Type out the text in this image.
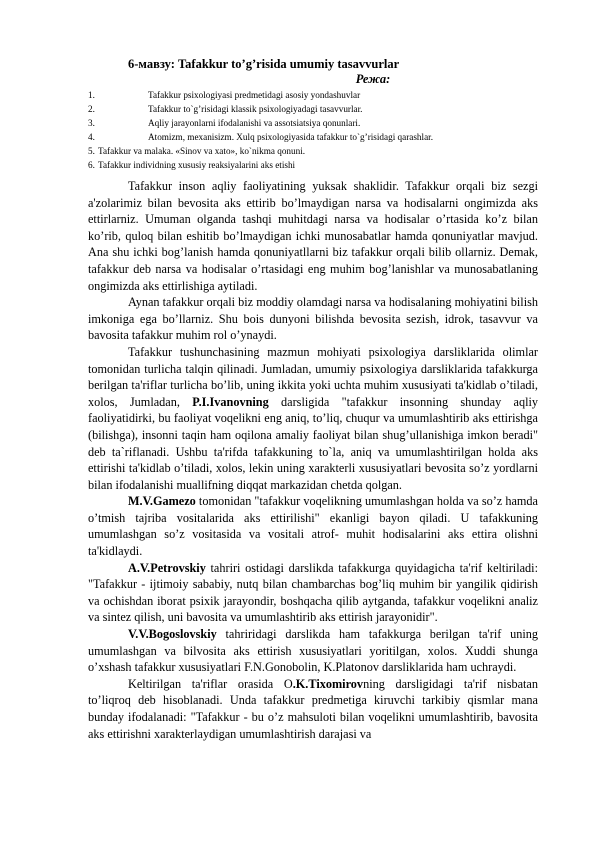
6-мавзу: Tafakkur to’g’risida umumiy tasavvurlar
Режа:
1.	Tafakkur psixologiyasi predmetidagi asosiy yondashuvlar
2.	Tafakkur to`g’risidagi klassik psixologiyadagi tasavvurlar.
3.	Aqliy jarayonlarni ifodalanishi va assotsiatsiya qonunlari.
4.	Atomizm, mexanisizm. Xulq psixologiyasida tafakkur to`g’risidagi qarashlar.
5. Tafakkur va malaka. «Sinov va xato», ko`nikma qonuni.
6. Tafakkur individning xususiy reaksiyalarini aks etishi

Tafakkur inson aqliy faoliyatining yuksak shaklidir. Tafakkur orqali biz sezgi a'zolarimiz bilan bevosita aks ettirib bo’lmaydigan narsa va hodisalarni ongimizda aks ettirlarniz. Umuman olganda tashqi muhitdagi narsa va hodisalar o’rtasida ko’z bilan ko’rib, quloq bilan eshitib bo’lmaydigan ichki munosabatlar hamda qonuniyatlar mavjud. Ana shu ichki bog’lanish hamda qonuniyatllarni biz tafakkur orqali bilib ollarniz. Demak, tafakkur deb narsa va hodisalar o’rtasidagi eng muhim bog’lanishlar va munosabatlaning ongimizda aks ettirlishiga aytiladi.

Aynan tafakkur orqali biz moddiy olamdagi narsa va hodisalaning mohiyatini bilish imkoniga ega bo’llarniz. Shu bois dunyoni bilishda bevosita sezish, idrok, tasavvur va bavosita tafakkur muhim rol o’ynaydi.

Tafakkur tushunchasining mazmun mohiyati psixologiya darsliklarida olimlar tomonidan turlicha talqin qilinadi. Jumladan, umumiy psixologiya darsliklarida tafakkurga berilgan ta'riflar turlicha bo’lib, uning ikkita yoki uchta muhim xususiyati ta'kidlab o’tiladi, xolos, Jumladan, P.I.Ivanovning darsligida "tafakkur insonning shunday aqliy faoliyatidirki, bu faoliyat voqelikni eng aniq, to’liq, chuqur va umumlashtirib aks ettirishga (bilishga), insonni taqin ham oqilona amaliy faoliyat bilan shug’ullanishiga imkon beradi" deb ta`riflanadi. Ushbu ta'rifda tafakkuning to`la, aniq va umumlashtirilgan holda aks ettirishi ta'kidlab o’tiladi, xolos, lekin uning xarakterli xususiyatlari bevosita so’z yordlarni bilan ifodalanishi muallifning diqqat markazidan chetda qolgan.

M.V.Gamezo tomonidan "tafakkur voqelikning umumlashgan holda va so’z hamda o’tmish tajriba vositalarida aks ettirilishi" ekanligi bayon qiladi. U tafakkuning umumlashgan so’z vositasida va vositali atrof- muhit hodisalarini aks ettira olishni ta'kidlaydi.

A.V.Petrovskiy tahriri ostidagi darslikda tafakkurga quyidagicha ta'rif keltiriladi: "Tafakkur - ijtimoiy sababiy, nutq bilan chambarchas bog’liq muhim bir yangilik qidirish va ochishdan iborat psixik jarayondir, boshqacha qilib aytganda, tafakkur voqelikni analiz va sintez qilish, uni bavosita va umumlashtirib aks ettirish jarayonidir".

V.V.Bogoslovskiy tahriridagi darslikda ham tafakkurga berilgan ta'rif uning umumlashgan va bilvosita aks ettirish xususiyatlari yoritilgan, xolos. Xuddi shunga o’xshash tafakkur xususiyatlari F.N.Gonobolin, K.Platonov darsliklarida ham uchraydi.

Keltirilgan ta'riflar orasida O.K.Tixomirovning darsligidagi ta'rif nisbatan to’liqroq deb hisoblanadi. Unda tafakkur predmetiga kiruvchi tarkibiy qismlar mana bunday ifodalanadi: "Tafakkur - bu o’z mahsuloti bilan voqelikni umumlashtirib, bavosita aks ettirishni xarakterlaydigan umumlashtirish darajasi va
